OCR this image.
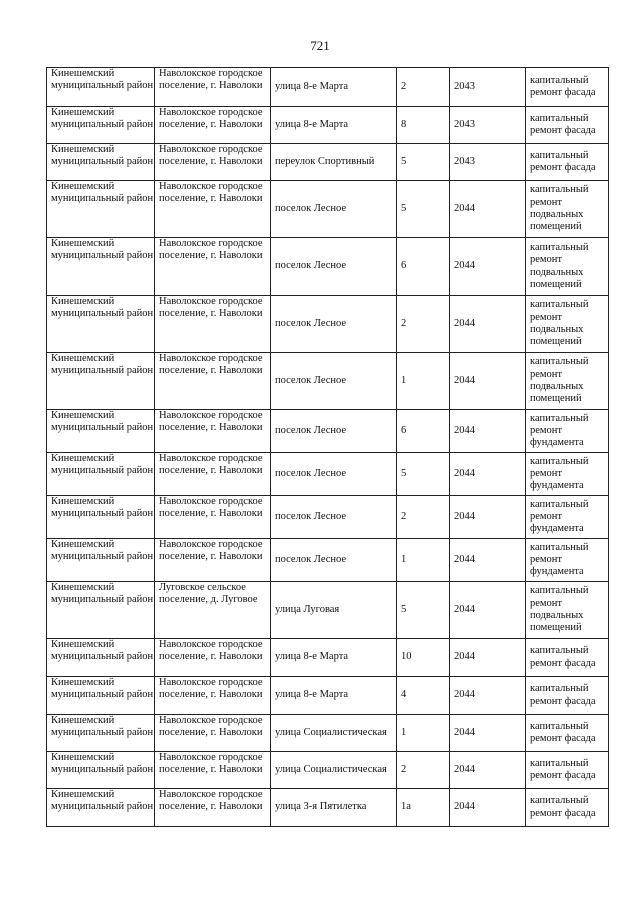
721
Кинешемский муниципальный район	Наволокское городское поселение, г. Наволоки	улица 8-е Марта	2	2043	капитальный ремонт фасада
Кинешемский муниципальный район	Наволокское городское поселение, г. Наволоки	улица 8-е Марта	8	2043	капитальный ремонт фасада
Кинешемский муниципальный район	Наволокское городское поселение, г. Наволоки	переулок Спортивный	5	2043	капитальный ремонт фасада
Кинешемский муниципальный район	Наволокское городское поселение, г. Наволоки	поселок Лесное	5	2044	капитальный ремонт подвальных помещений
Кинешемский муниципальный район	Наволокское городское поселение, г. Наволоки	поселок Лесное	6	2044	капитальный ремонт подвальных помещений
Кинешемский муниципальный район	Наволокское городское поселение, г. Наволоки	поселок Лесное	2	2044	капитальный ремонт подвальных помещений
Кинешемский муниципальный район	Наволокское городское поселение, г. Наволоки	поселок Лесное	1	2044	капитальный ремонт подвальных помещений
Кинешемский муниципальный район	Наволокское городское поселение, г. Наволоки	поселок Лесное	6	2044	капитальный ремонт фундамента
Кинешемский муниципальный район	Наволокское городское поселение, г. Наволоки	поселок Лесное	5	2044	капитальный ремонт фундамента
Кинешемский муниципальный район	Наволокское городское поселение, г. Наволоки	поселок Лесное	2	2044	капитальный ремонт фундамента
Кинешемский муниципальный район	Наволокское городское поселение, г. Наволоки	поселок Лесное	1	2044	капитальный ремонт фундамента
Кинешемский муниципальный район	Луговское сельское поселение, д. Луговое	улица Луговая	5	2044	капитальный ремонт подвальных помещений
Кинешемский муниципальный район	Наволокское городское поселение, г. Наволоки	улица 8-е Марта	10	2044	капитальный ремонт фасада
Кинешемский муниципальный район	Наволокское городское поселение, г. Наволоки	улица 8-е Марта	4	2044	капитальный ремонт фасада
Кинешемский муниципальный район	Наволокское городское поселение, г. Наволоки	улица Социалистическая	1	2044	капитальный ремонт фасада
Кинешемский муниципальный район	Наволокское городское поселение, г. Наволоки	улица Социалистическая	2	2044	капитальный ремонт фасада
Кинешемский муниципальный район	Наволокское городское поселение, г. Наволоки	улица 3-я Пятилетка	1а	2044	капитальный ремонт фасада
